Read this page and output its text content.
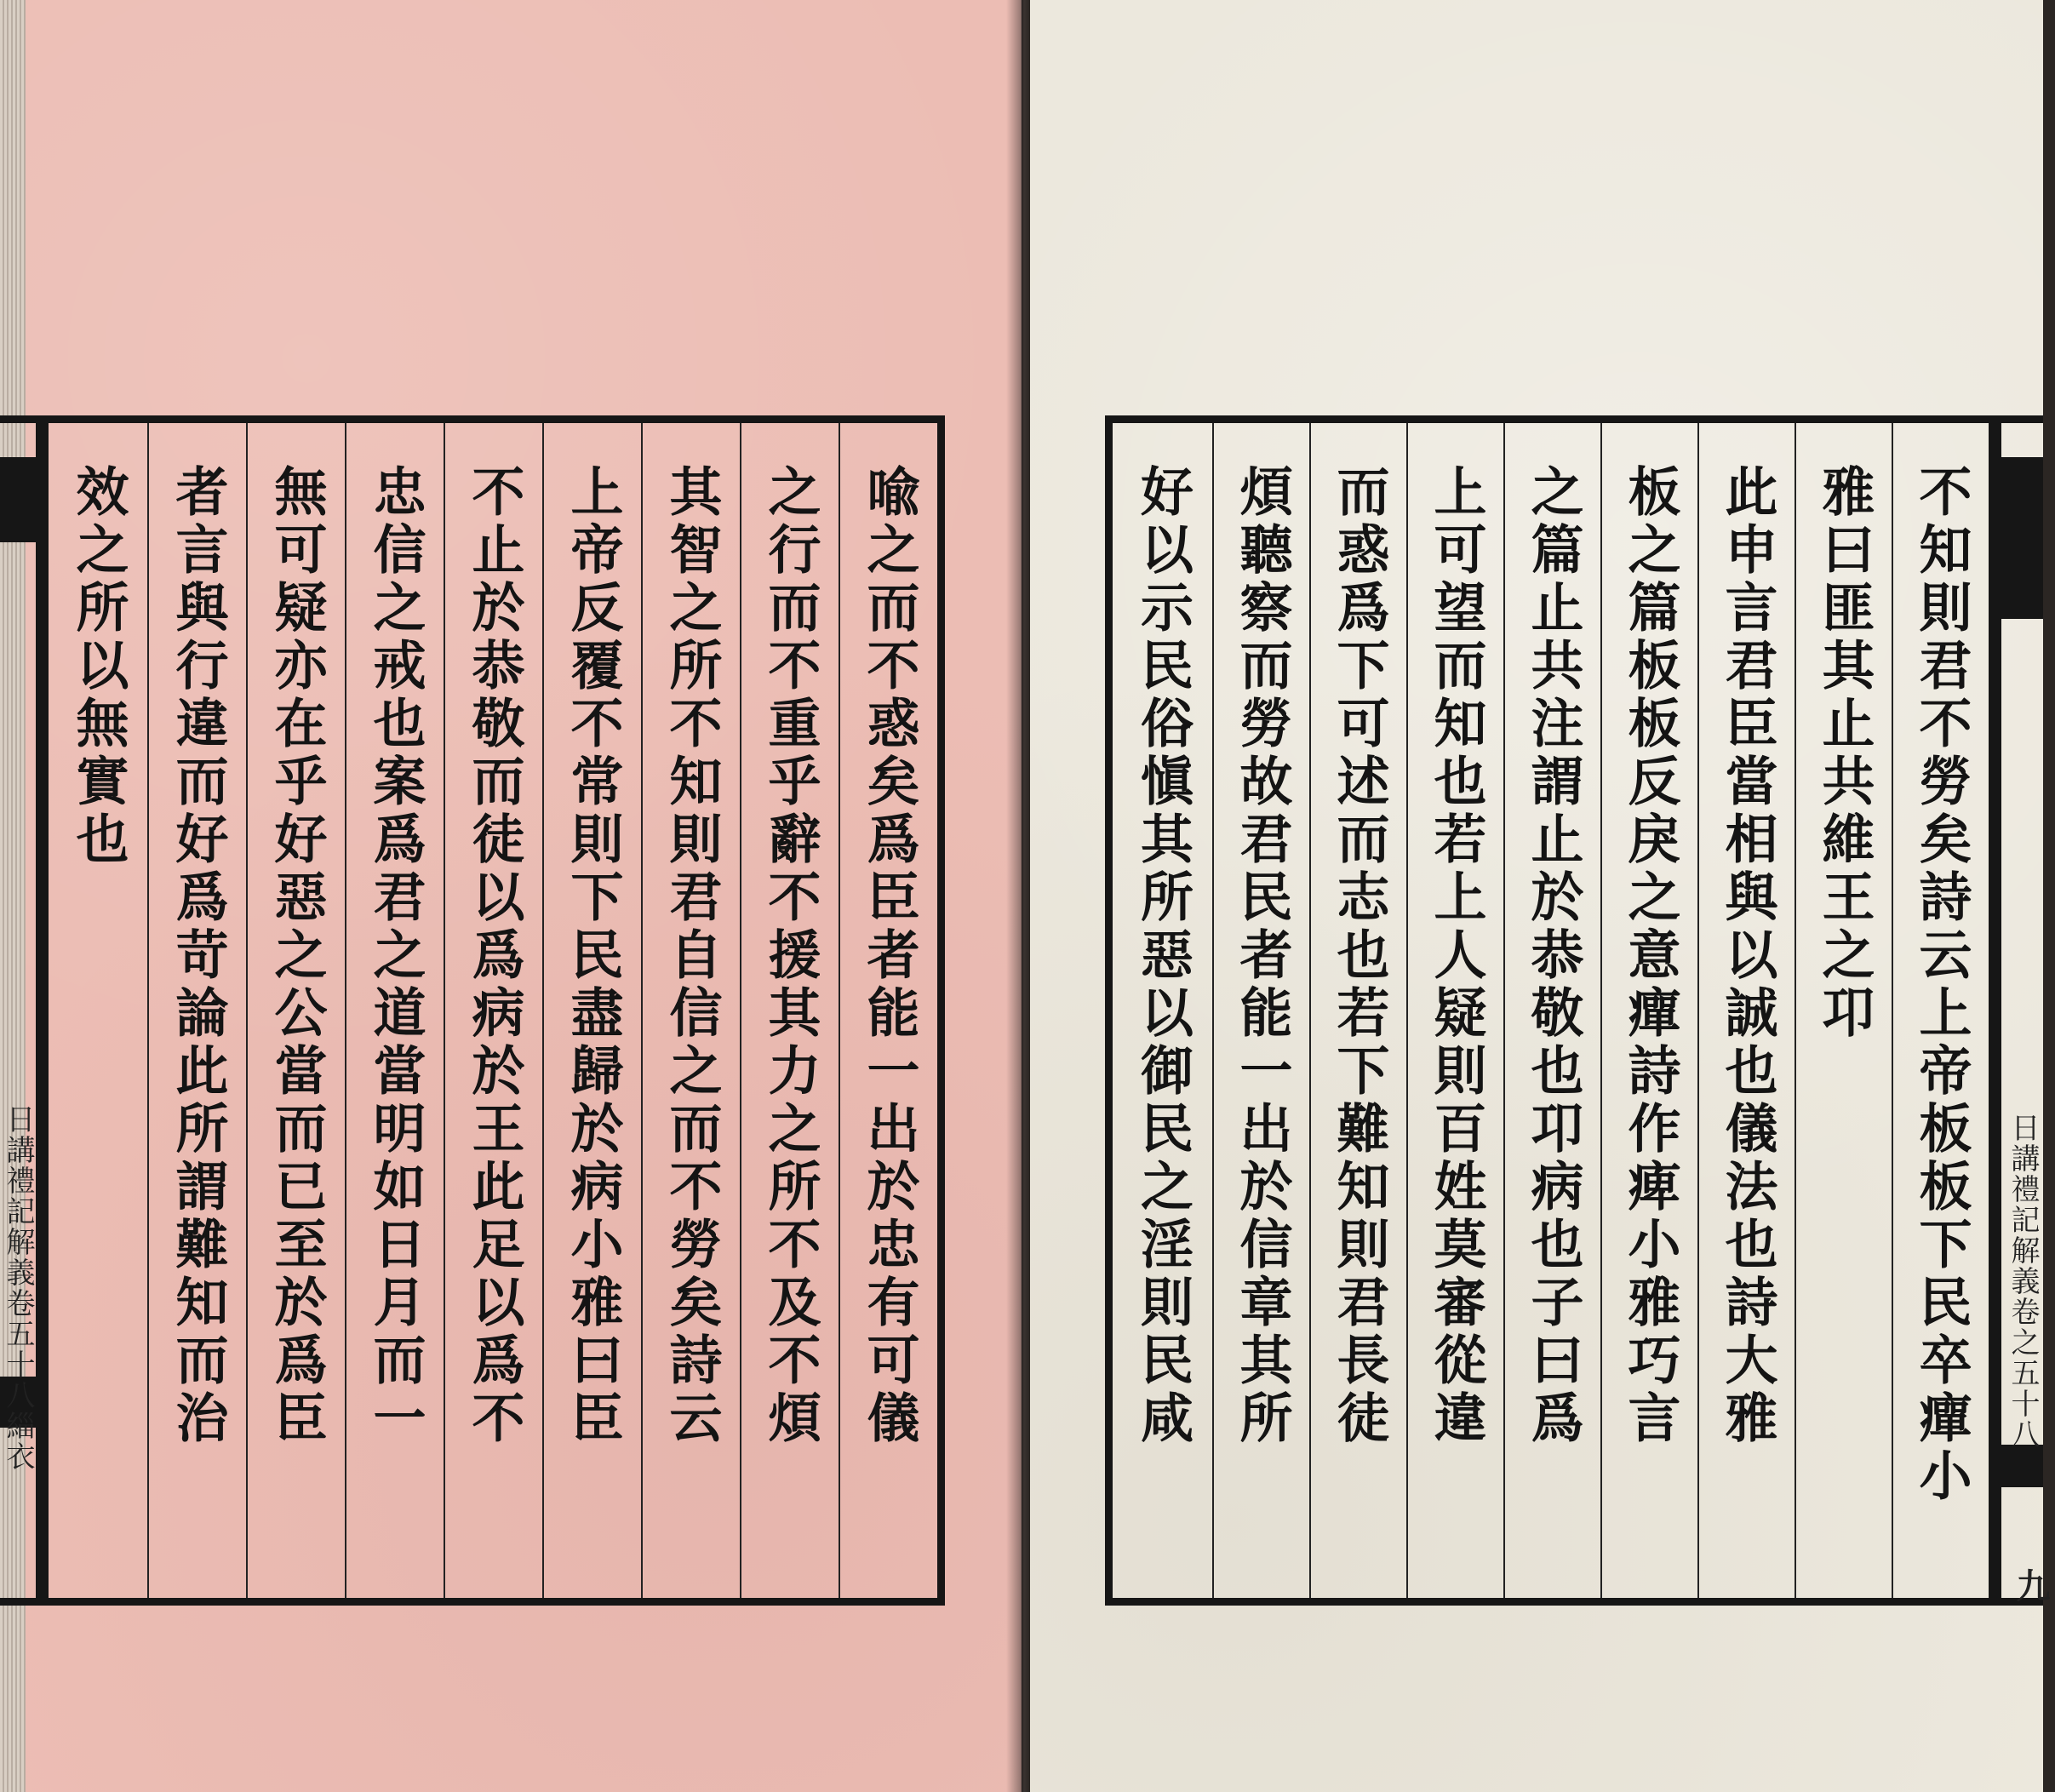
日講禮記解義卷五十八緇衣	喩之而不惑矣爲臣者能一出於忠有可儀
之行而不重乎辭不援其力之所不及不煩
其智之所不知則君自信之而不勞矣詩云
上帝反覆不常則下民盡歸於病小雅曰臣
不止於恭敬而徒以爲病於王此足以爲不
忠信之戒也案爲君之道當明如日月而一
無可疑亦在乎好惡之公當而已至於爲臣
者言與行違而好爲苛論此所謂難知而治
效之所以無實也	不知則君不勞矣詩云上帝板板下民卒癉小
雅曰匪其止共維王之卭
此申言君臣當相與以誠也儀法也詩大雅
板之篇板板反戾之意癉詩作痺小雅巧言
之篇止共注謂止於恭敬也卭病也子曰爲
上可望而知也若上人疑則百姓莫審從違
而惑爲下可述而志也若下難知則君長徒
煩聽察而勞故君民者能一出於信章其所
好以示民俗愼其所惡以御民之淫則民咸	日講禮記解義卷之五十八
九
